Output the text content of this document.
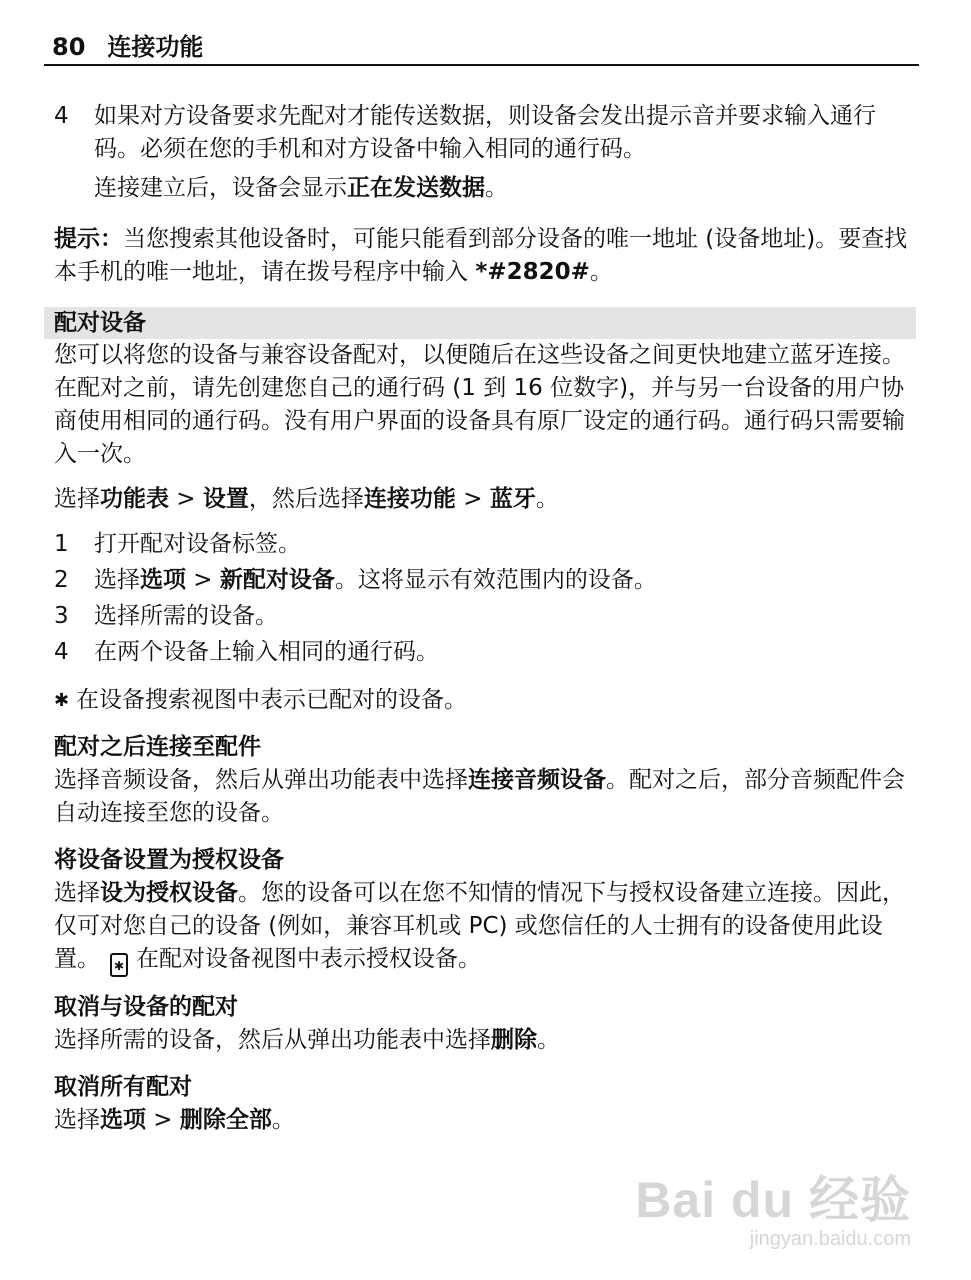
80 连接功能
4	如果对方设备要求先配对才能传送数据，则设备会发出提示音并要求输入通行码。必须在您的手机和对方设备中输入相同的通行码。

连接建立后，设备会显示正在发送数据。

提示：当您搜索其他设备时，可能只能看到部分设备的唯一地址 (设备地址)。要查找本手机的唯一地址，请在拨号程序中输入 *#2820#。

配对设备

您可以将您的设备与兼容设备配对，以便随后在这些设备之间更快地建立蓝牙连接。在配对之前，请先创建您自己的通行码 (1 到 16 位数字)，并与另一台设备的用户协商使用相同的通行码。没有用户界面的设备具有原厂设定的通行码。通行码只需要输入一次。

选择功能表 > 设置，然后选择连接功能 > 蓝牙。

1	打开配对设备标签。
2	选择选项 > 新配对设备。这将显示有效范围内的设备。
3	选择所需的设备。
4	在两个设备上输入相同的通行码。

✱ 在设备搜索视图中表示已配对的设备。

配对之后连接至配件

选择音频设备，然后从弹出功能表中选择连接音频设备。配对之后，部分音频配件会自动连接至您的设备。

将设备设置为授权设备

选择设为授权设备。您的设备可以在您不知情的情况下与授权设备建立连接。因此，仅可对您自己的设备 (例如，兼容耳机或 PC) 或您信任的人士拥有的设备使用此设置。 ✱ 在配对设备视图中表示授权设备。

取消与设备的配对

选择所需的设备，然后从弹出功能表中选择删除。

取消所有配对

选择选项 > 删除全部。

Bai du 经验
jingyan.baidu.com
